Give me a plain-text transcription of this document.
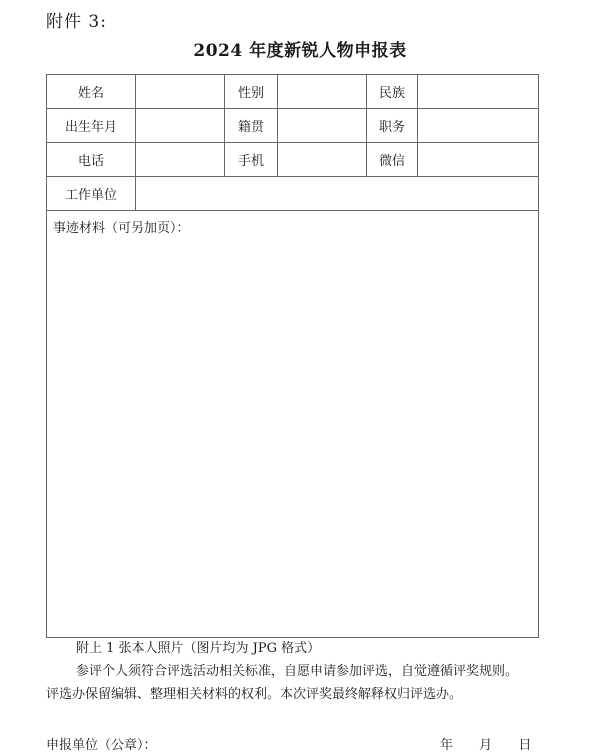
附件 3:
2024 年度新锐人物申报表
姓名		性别		民族	
出生年月		籍贯		职务	
电话		手机		微信	
工作单位					
事迹材料（可另加页）：					
附上 1 张本人照片（图片均为 JPG 格式）

参评个人须符合评选活动相关标准，自愿申请参加评选，自觉遵循评奖规则。

评选办保留编辑、整理相关材料的权利。本次评奖最终解释权归评选办。

申报单位（公章）：	年 月 日
